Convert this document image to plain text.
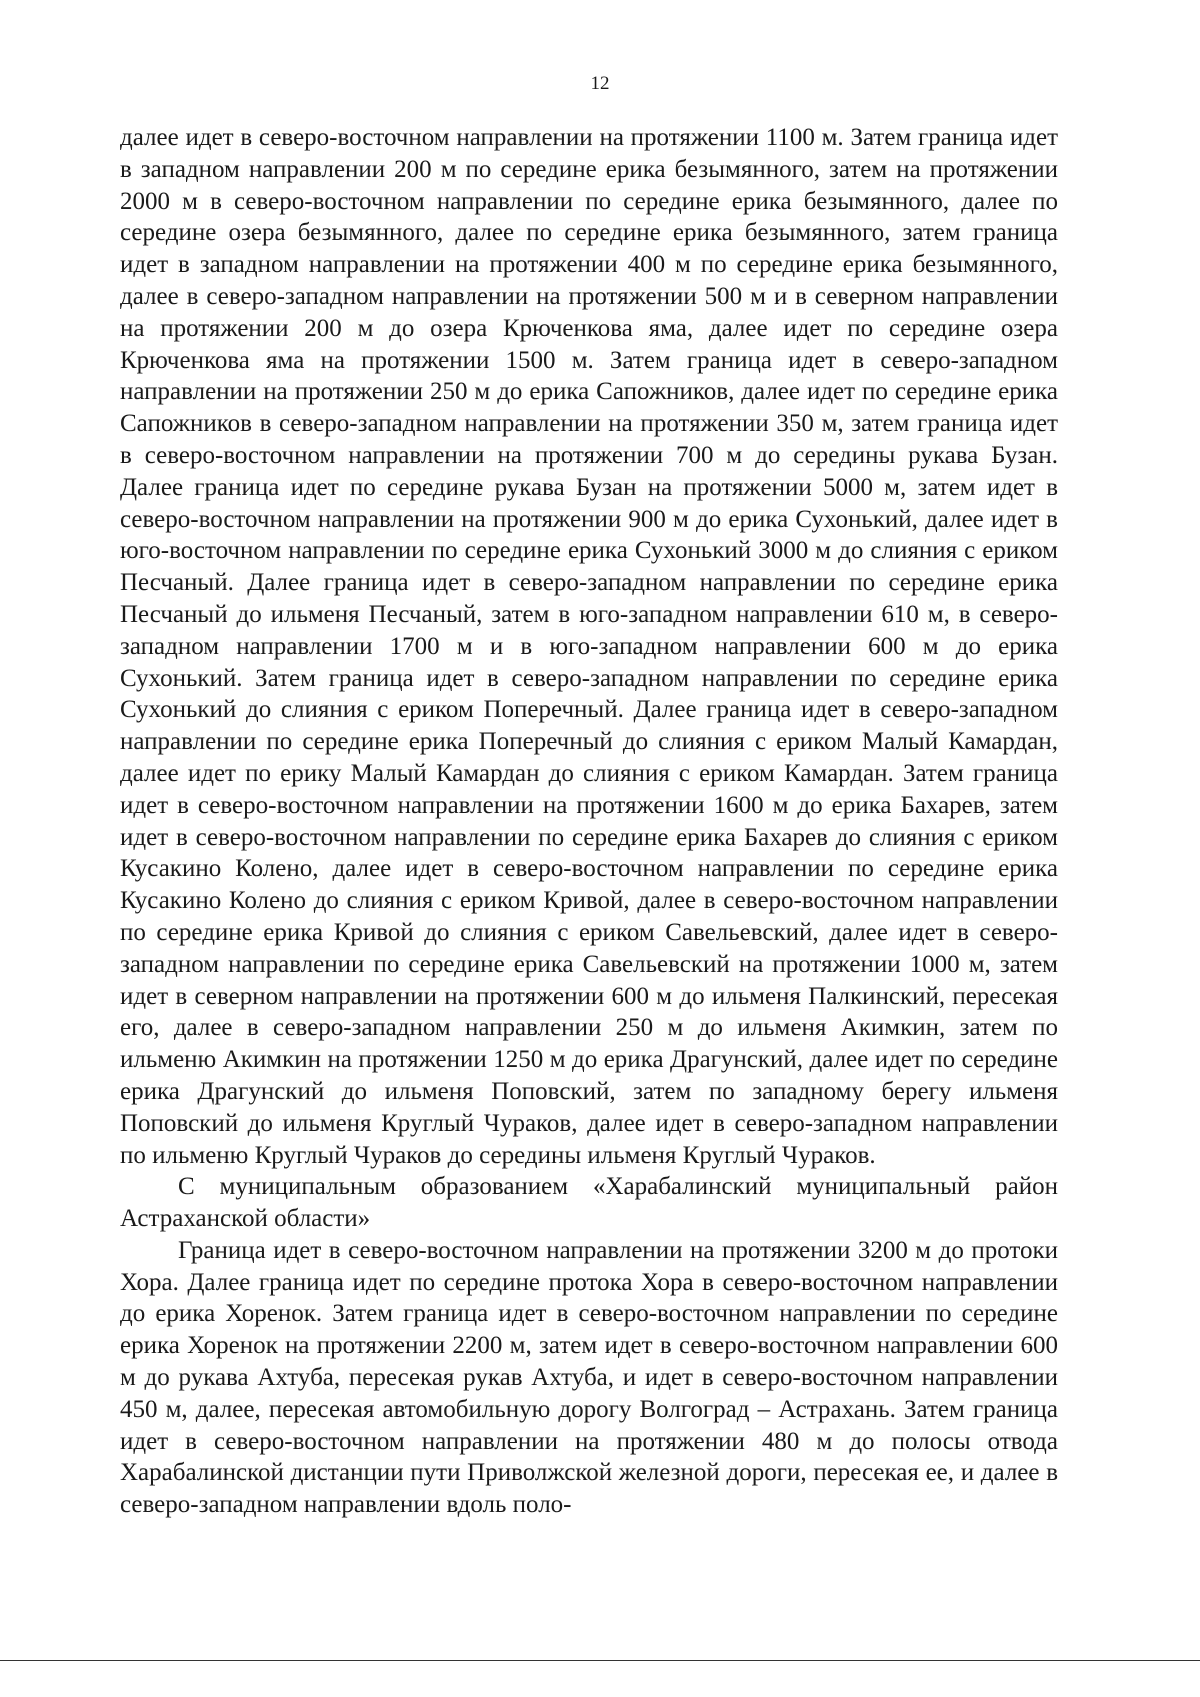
12

далее идет в северо-восточном направлении на протяжении 1100 м. Затем граница идет в западном направлении 200 м по середине ерика безымянного, затем на протяжении 2000 м в северо-восточном направлении по середине ерика безымянного, далее по середине озера безымянного, далее по середине ерика безымянного, затем граница идет в западном направлении на протяжении 400 м по середине ерика безымянного, далее в северо-западном направлении на протяжении 500 м и в северном направлении на протяжении 200 м до озера Крюченкова яма, далее идет по середине озера Крюченкова яма на протяжении 1500 м. Затем граница идет в северо-западном направлении на протяжении 250 м до ерика Сапожников, далее идет по середине ерика Сапожников в северо-западном направлении на протяжении 350 м, затем граница идет в северо-восточном направлении на протяжении 700 м до середины рукава Бузан. Далее граница идет по середине рукава Бузан на протяжении 5000 м, затем идет в северо-восточном направлении на протяжении 900 м до ерика Сухонький, далее идет в юго-восточном направлении по середине ерика Сухонький 3000 м до слияния с ериком Песчаный. Далее граница идет в северо-западном направлении по середине ерика Песчаный до ильменя Песчаный, затем в юго-западном направлении 610 м, в северо-западном направлении 1700 м и в юго-западном направлении 600 м до ерика Сухонький. Затем граница идет в северо-западном направлении по середине ерика Сухонький до слияния с ериком Поперечный. Далее граница идет в северо-западном направлении по середине ерика Поперечный до слияния с ериком Малый Камардан, далее идет по ерику Малый Камардан до слияния с ериком Камардан. Затем граница идет в северо-восточном направлении на протяжении 1600 м до ерика Бахарев, затем идет в северо-восточном направлении по середине ерика Бахарев до слияния с ериком Кусакино Колено, далее идет в северо-восточном направлении по середине ерика Кусакино Колено до слияния с ериком Кривой, далее в северо-восточном направлении по середине ерика Кривой до слияния с ериком Савельевский, далее идет в северо-западном направлении по середине ерика Савельевский на протяжении 1000 м, затем идет в северном направлении на протяжении 600 м до ильменя Палкинский, пересекая его, далее в северо-западном направлении 250 м до ильменя Акимкин, затем по ильменю Акимкин на протяжении 1250 м до ерика Драгунский, далее идет по середине ерика Драгунский до ильменя Поповский, затем по западному берегу ильменя Поповский до ильменя Круглый Чураков, далее идет в северо-западном направлении по ильменю Круглый Чураков до середины ильменя Круглый Чураков.

С муниципальным образованием «Харабалинский муниципальный район Астраханской области»

Граница идет в северо-восточном направлении на протяжении 3200 м до протоки Хора. Далее граница идет по середине протока Хора в северо-восточном направлении до ерика Хоренок. Затем граница идет в северо-восточном направлении по середине ерика Хоренок на протяжении 2200 м, затем идет в северо-восточном направлении 600 м до рукава Ахтуба, пересекая рукав Ахтуба, и идет в северо-восточном направлении 450 м, далее, пересекая автомобильную дорогу Волгоград – Астрахань. Затем граница идет в северо-восточном направлении на протяжении 480 м до полосы отвода Харабалинской дистанции пути Приволжской железной дороги, пересекая ее, и далее в северо-западном направлении вдоль поло-
